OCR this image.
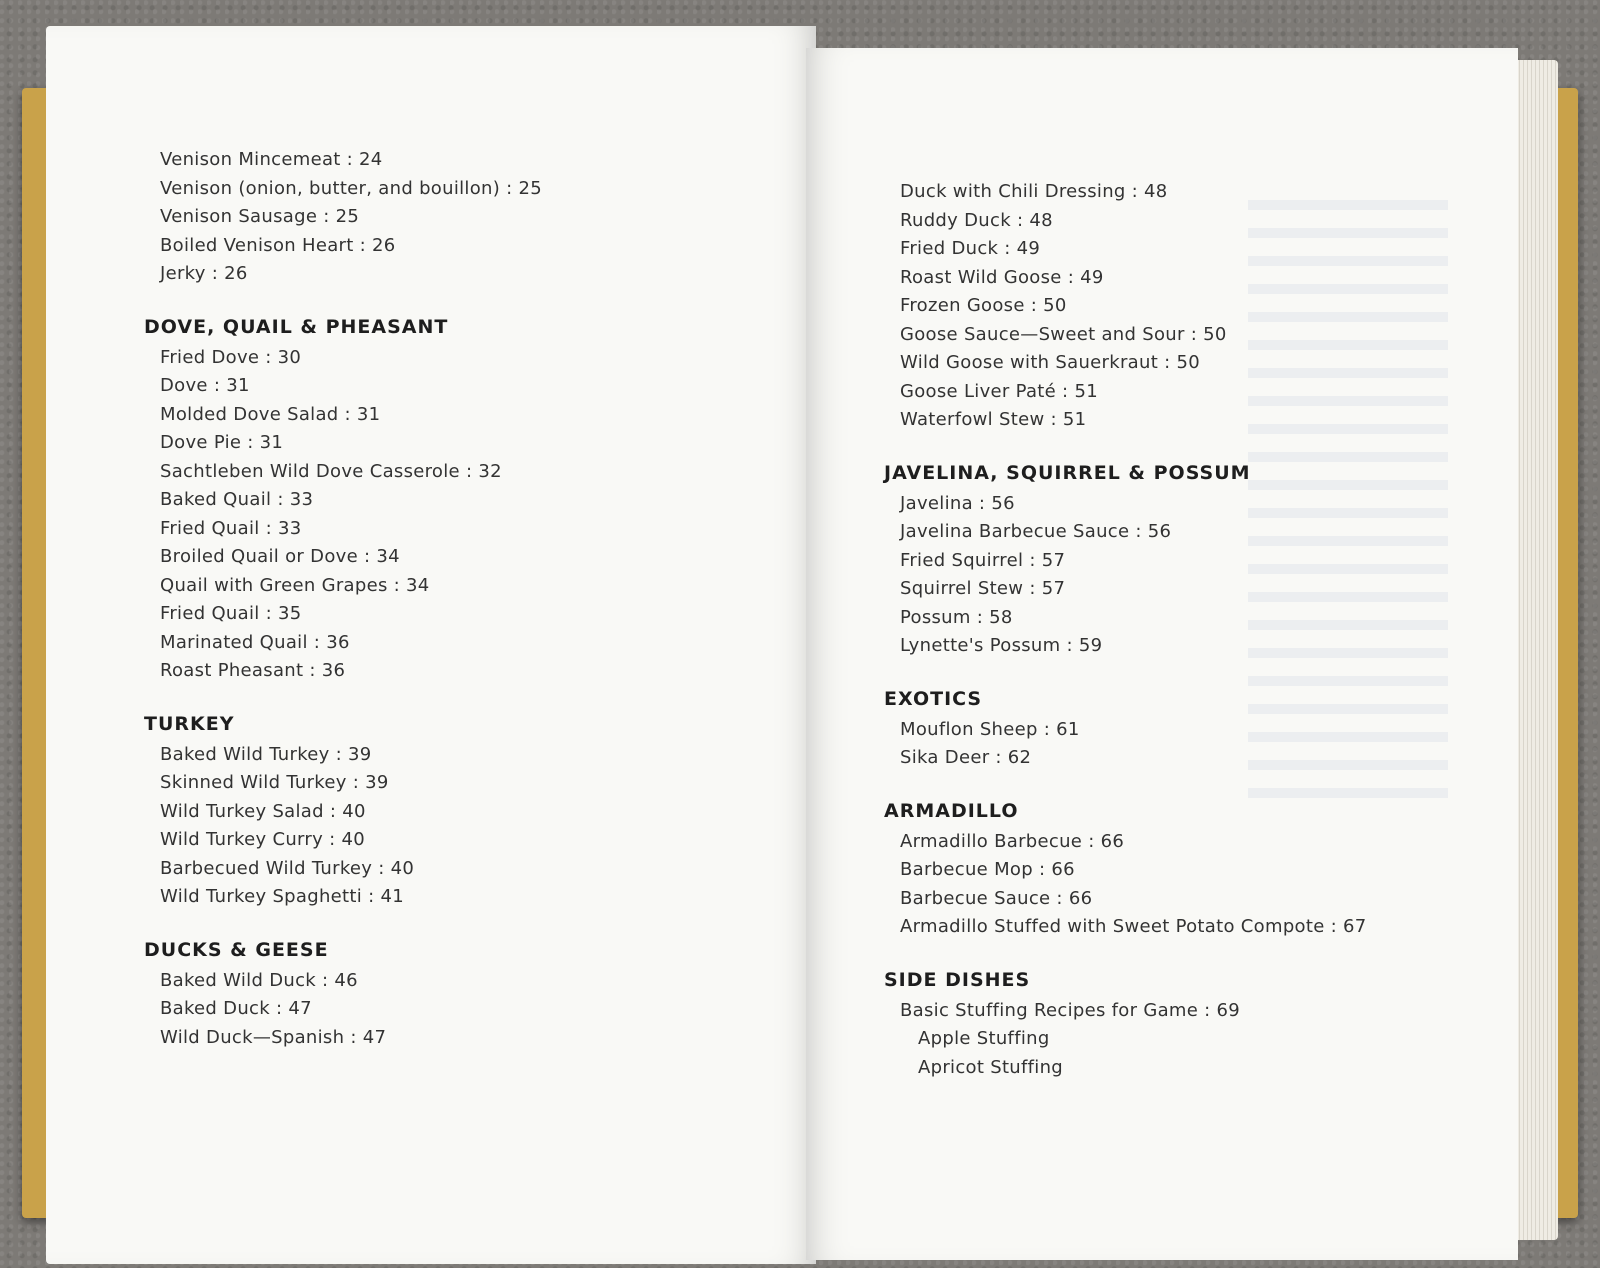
Venison Mincemeat : 24
Venison (onion, butter, and bouillon) : 25
Venison Sausage : 25
Boiled Venison Heart : 26
Jerky : 26
DOVE, QUAIL & PHEASANT
Fried Dove : 30
Dove : 31
Molded Dove Salad : 31
Dove Pie : 31
Sachtleben Wild Dove Casserole : 32
Baked Quail : 33
Fried Quail : 33
Broiled Quail or Dove : 34
Quail with Green Grapes : 34
Fried Quail : 35
Marinated Quail : 36
Roast Pheasant : 36
TURKEY
Baked Wild Turkey : 39
Skinned Wild Turkey : 39
Wild Turkey Salad : 40
Wild Turkey Curry : 40
Barbecued Wild Turkey : 40
Wild Turkey Spaghetti : 41
DUCKS & GEESE
Baked Wild Duck : 46
Baked Duck : 47
Wild Duck—Spanish : 47
Duck with Chili Dressing : 48
Ruddy Duck : 48
Fried Duck : 49
Roast Wild Goose : 49
Frozen Goose : 50
Goose Sauce—Sweet and Sour : 50
Wild Goose with Sauerkraut : 50
Goose Liver Paté : 51
Waterfowl Stew : 51
JAVELINA, SQUIRREL & POSSUM
Javelina : 56
Javelina Barbecue Sauce : 56
Fried Squirrel : 57
Squirrel Stew : 57
Possum : 58
Lynette's Possum : 59
EXOTICS
Mouflon Sheep : 61
Sika Deer : 62
ARMADILLO
Armadillo Barbecue : 66
Barbecue Mop : 66
Barbecue Sauce : 66
Armadillo Stuffed with Sweet Potato Compote : 67
SIDE DISHES
Basic Stuffing Recipes for Game : 69
Apple Stuffing
Apricot Stuffing
